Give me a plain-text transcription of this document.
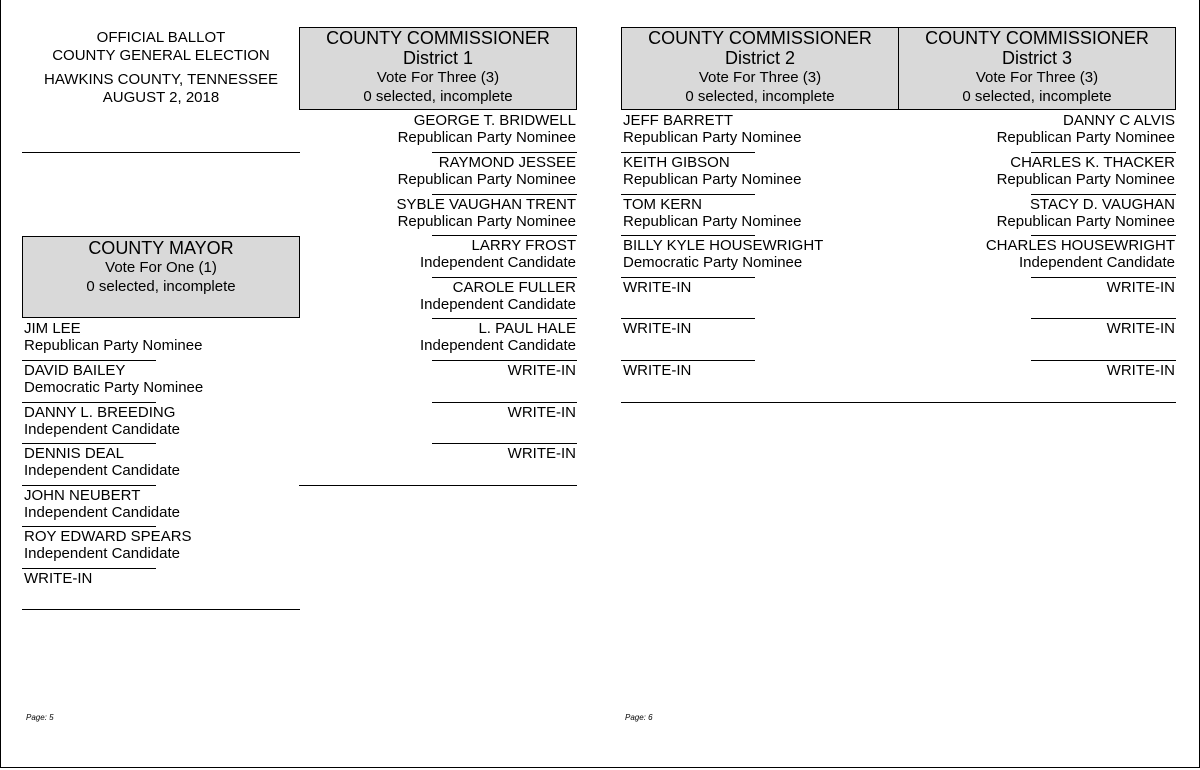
OFFICIAL BALLOT
COUNTY GENERAL ELECTION
HAWKINS COUNTY, TENNESSEE
AUGUST 2, 2018
COUNTY MAYOR
Vote For One (1)
0 selected, incomplete
JIM LEE
Republican Party Nominee
DAVID BAILEY
Democratic Party Nominee
DANNY L. BREEDING
Independent Candidate
DENNIS DEAL
Independent Candidate
JOHN NEUBERT
Independent Candidate
ROY EDWARD SPEARS
Independent Candidate
WRITE-IN
COUNTY COMMISSIONER
District 1
Vote For Three (3)
0 selected, incomplete
GEORGE T. BRIDWELL
Republican Party Nominee
RAYMOND JESSEE
Republican Party Nominee
SYBLE VAUGHAN TRENT
Republican Party Nominee
LARRY FROST
Independent Candidate
CAROLE FULLER
Independent Candidate
L. PAUL HALE
Independent Candidate
WRITE-IN
WRITE-IN
WRITE-IN
Page: 5
COUNTY COMMISSIONER
District 2
Vote For Three (3)
0 selected, incomplete
COUNTY COMMISSIONER
District 3
Vote For Three (3)
0 selected, incomplete
JEFF BARRETT
Republican Party Nominee
KEITH GIBSON
Republican Party Nominee
TOM KERN
Republican Party Nominee
BILLY KYLE HOUSEWRIGHT
Democratic Party Nominee
WRITE-IN
WRITE-IN
WRITE-IN
DANNY C ALVIS
Republican Party Nominee
CHARLES K. THACKER
Republican Party Nominee
STACY D. VAUGHAN
Republican Party Nominee
CHARLES HOUSEWRIGHT
Independent Candidate
WRITE-IN
WRITE-IN
WRITE-IN
Page: 6
